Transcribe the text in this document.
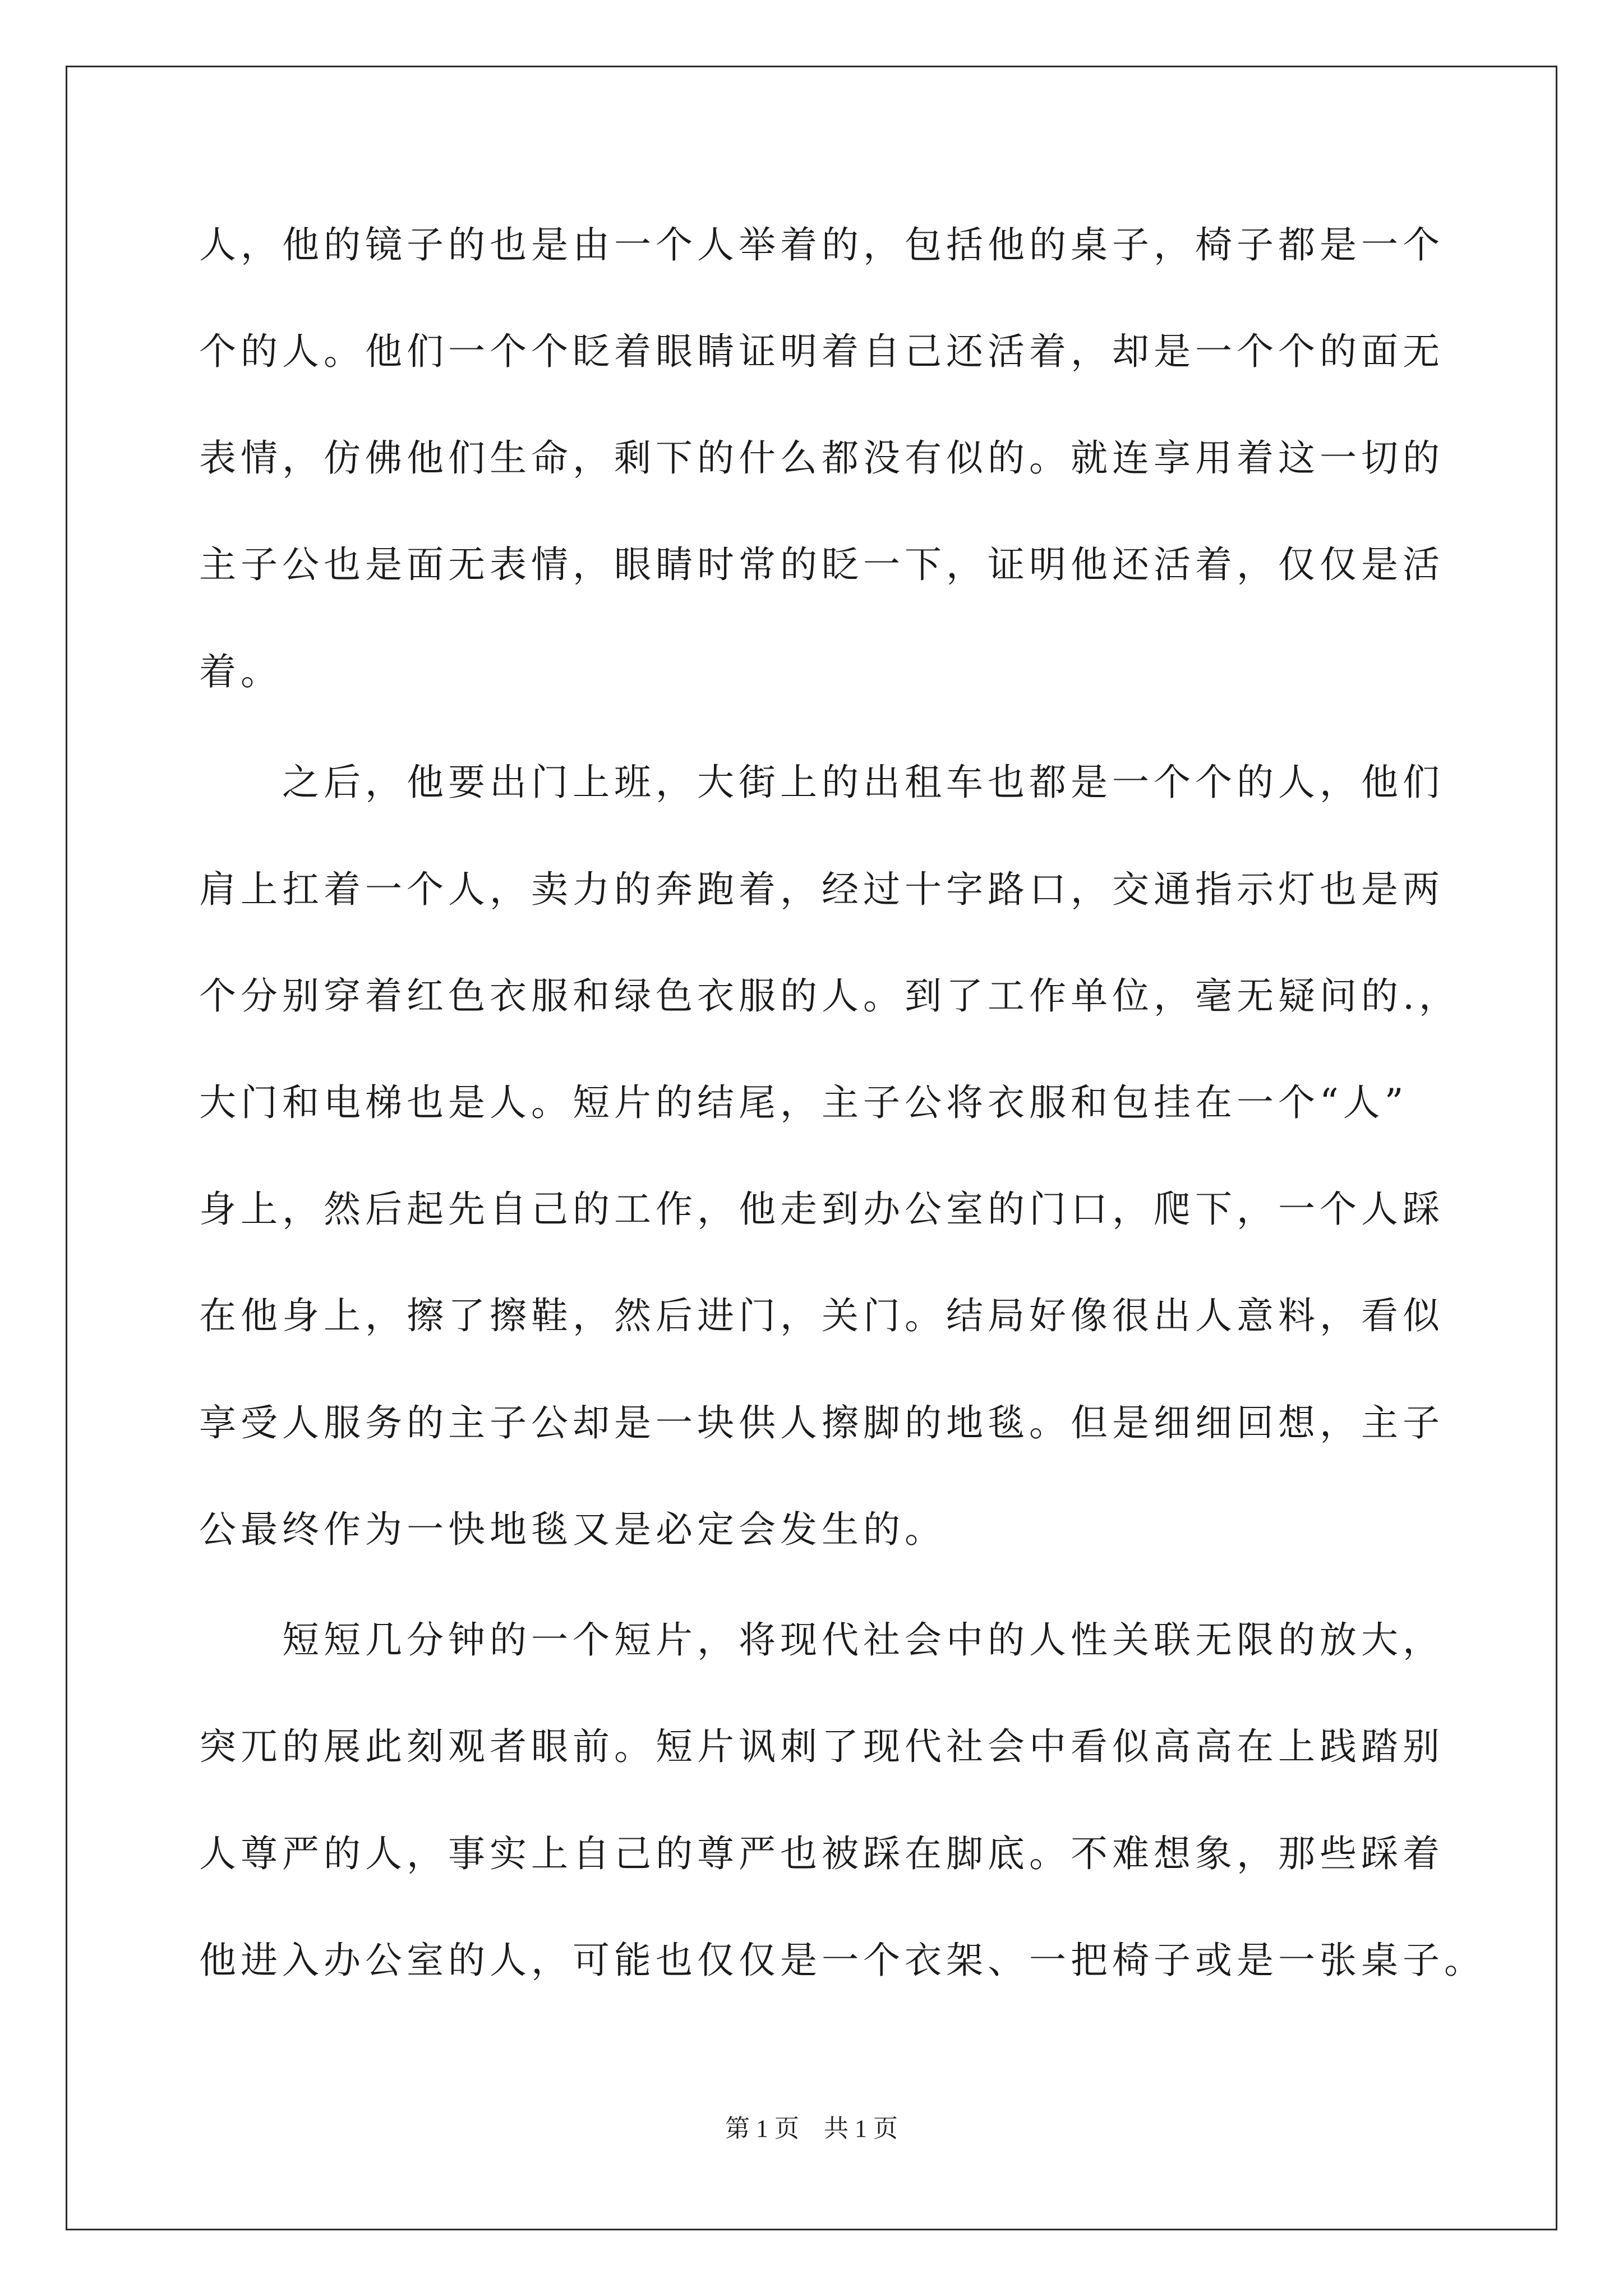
人，他的镜子的也是由一个人举着的，包括他的桌子，椅子都是一个
个的人。他们一个个眨着眼睛证明着自己还活着，却是一个个的面无
表情，仿佛他们生命，剩下的什么都没有似的。就连享用着这一切的
主子公也是面无表情，眼睛时常的眨一下，证明他还活着，仅仅是活
着。
　　之后，他要出门上班，大街上的出租车也都是一个个的人，他们
肩上扛着一个人，卖力的奔跑着，经过十字路口，交通指示灯也是两
个分别穿着红色衣服和绿色衣服的人。到了工作单位，毫无疑问的.，
大门和电梯也是人。短片的结尾，主子公将衣服和包挂在一个“人”
身上，然后起先自己的工作，他走到办公室的门口，爬下，一个人踩
在他身上，擦了擦鞋，然后进门，关门。结局好像很出人意料，看似
享受人服务的主子公却是一块供人擦脚的地毯。但是细细回想，主子
公最终作为一快地毯又是必定会发生的。
　　短短几分钟的一个短片，将现代社会中的人性关联无限的放大，
突兀的展此刻观者眼前。短片讽刺了现代社会中看似高高在上践踏别
人尊严的人，事实上自己的尊严也被踩在脚底。不难想象，那些踩着
他进入办公室的人，可能也仅仅是一个衣架、一把椅子或是一张桌子。
第 1 页　共 1 页
